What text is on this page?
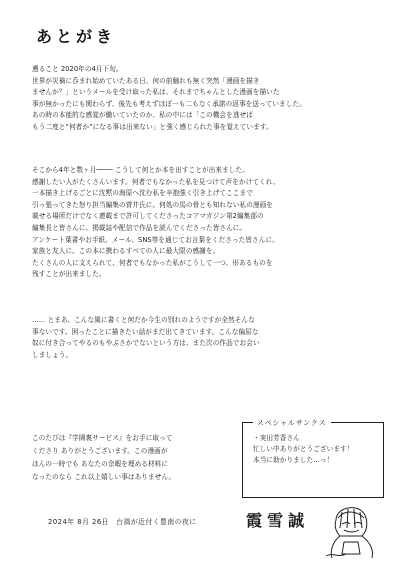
あとがき
遡ること 2020年の4月下旬。
世界が災禍に呑まれ始めていたある日、何の前触れも無く突然「漫画を描き
ませんか？」というメールを受け取った私は、それまでちゃんとした漫画を描いた
事が無かったにも関わらず、後先も考えずほぼ一も二もなく承諾の返事を送っていました。
あの時の本能的な感覚が働いていたのか、私の中には「この機会を逃せば
もう二度と“何者か”になる事は出来ない」と強く感じられた事を覚えています。
そこから4年と数ヶ月──── こうして何とか本を出すことが出来ました。
感謝したい人がたくさんいます。何者でもなかった私を見つけて声をかけてくれ、
一本描き上げるごとに沈黙の海原へ沈む私を辛抱強く引き上げてここまで
引っ張ってきた怒り担当編集の菅井氏に。何処の馬の骨とも知れない私の漫画を
載せる場所だけでなく連載まで許可してくださったコアマガジン第2編集部の
編集長と皆さんに。掲載誌や配信で作品を読んでくださった皆さんに。
アンケート葉書やお手紙、メール、SNS等を通じてお言葉をくださった皆さんに。
家族と友人に。この本に携わるすべての人に最大限の感謝を。
たくさんの人に支えられて、何者でもなかった私がこうして一つ、形あるものを
残すことが出来ました。
…… とまあ、こんな風に書くと何だか今生の別れのようですが全然そんな
事ないです。困ったことに描きたい話がまだ出てきています。こんな偏屈な
奴に付き合ってやるのもやぶさかでないという方は、また次の作品でお会い
しましょう。
このたびは『学園裏サービス』をお手に取って
くださり ありがとうございます。この漫画が
ほんの一時でも あなたの余暇を埋める材料に
なったのなら これ以上嬉しい事はありません。
スペシャルサンクス
・実田芳香さん
忙しい中ありがとうございます！
本当に助かりました…っ！
2024年 8月 26日　台風が近付く豊南の夜に	霞雪誠
